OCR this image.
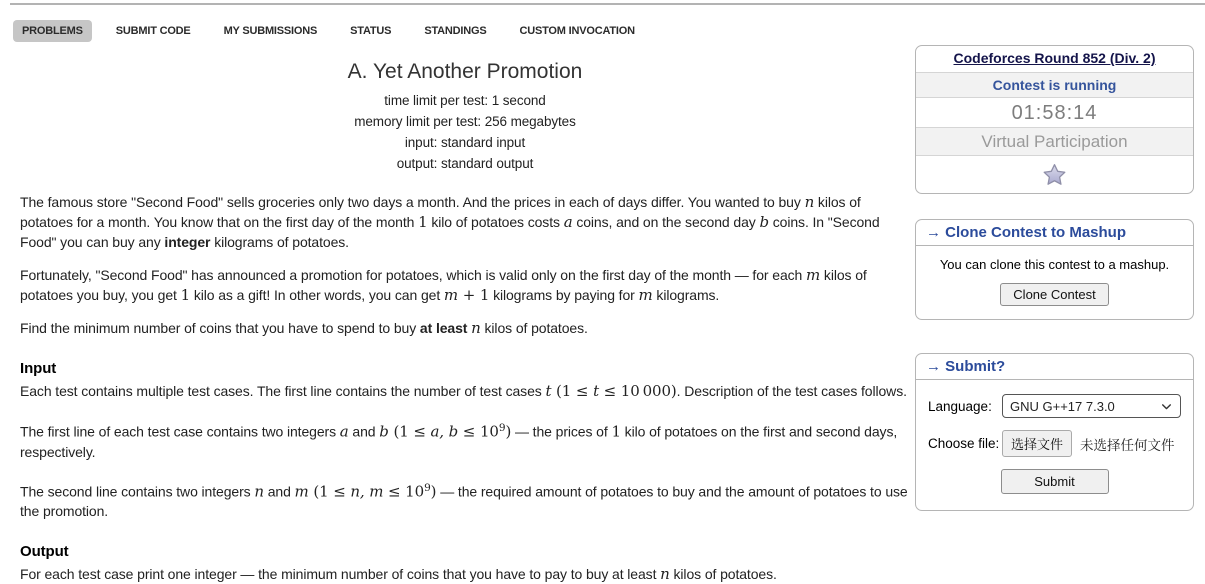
PROBLEMS	SUBMIT CODE	MY SUBMISSIONS	STATUS	STANDINGS	CUSTOM INVOCATION
A. Yet Another Promotion
time limit per test: 1 second
memory limit per test: 256 megabytes
input: standard input
output: standard output

The famous store "Second Food" sells groceries only two days a month. And the prices in each of days differ. You wanted to buy n kilos of potatoes for a month. You know that on the first day of the month 1 kilo of potatoes costs a coins, and on the second day b coins. In "Second Food" you can buy any integer kilograms of potatoes.

Fortunately, "Second Food" has announced a promotion for potatoes, which is valid only on the first day of the month — for each m kilos of potatoes you buy, you get 1 kilo as a gift! In other words, you can get m + 1 kilograms by paying for m kilograms.

Find the minimum number of coins that you have to spend to buy at least n kilos of potatoes.

Input

Each test contains multiple test cases. The first line contains the number of test cases t (1 ≤ t ≤ 10 000). Description of the test cases follows.

The first line of each test case contains two integers a and b (1 ≤ a, $b \le 10^9$) — the prices of 1 kilo of potatoes on the first and second days, respectively.

The second line contains two integers n and m (1 ≤ n, $m \le 10^9$) — the required amount of potatoes to buy and the amount of potatoes to use the promotion.

Output

For each test case print one integer — the minimum number of coins that you have to pay to buy at least n kilos of potatoes.

Codeforces Round 852 (Div. 2)
Contest is running
01:58:14
Virtual Participation
→ Clone Contest to Mashup
You can clone this contest to a mashup.
Clone Contest
→ Submit?
Language:	GNU G++17 7.3.0
Choose file: 选择文件	未选择任何文件
Submit
